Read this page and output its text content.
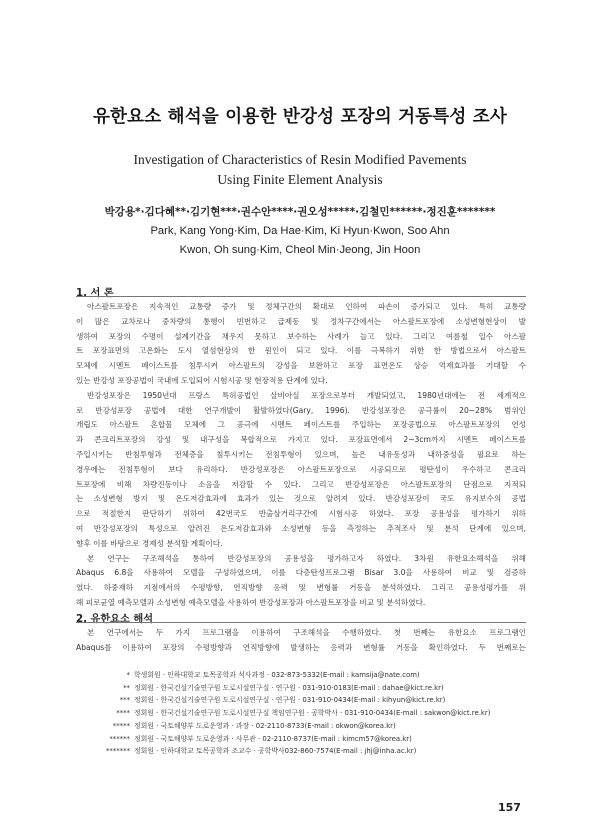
유한요소 해석을 이용한 반강성 포장의 거동특성 조사
Investigation of Characteristics of Resin Modified Pavements
Using Finite Element Analysis
박강용*·김다혜**·김기현***·권수안****·권오성*****·김철민******·정진훈*******
Park, Kang Yong·Kim, Da Hae·Kim, Ki Hyun·Kwon, Soo Ahn
Kwon, Oh sung·Kim, Cheol Min·Jeong, Jin Hoon
1. 서 론
아스팔트포장은 지속적인 교통량 증가 및 정체구간의 확대로 인하여 파손이 증가되고 있다. 특히 교통량
이 많은 교차로나 중차량의 통행이 빈번하고 급제동 및 정차구간에서는 아스팔트포장에 소성변형현상이 발
생하여 포장의 수명이 설계기간을 채우지 못하고 보수하는 사례가 늘고 있다. 그리고 여름철 일수 아스팔
트 포장표면의 고온화는 도시 열섬현상의 한 원인이 되고 있다. 이를 극복하기 위한 한 방법으로서 아스팔트
모체에 시멘트 페이스트를 침투시켜 아스팔트의 강성을 보완하고 포장 표면온도 상승 억제효과를 기대할 수
있는 반강성 포장공법이 국내에 도입되어 시험시공 및 현장적용 단계에 있다.
반강성포장은 1950년대 프랑스 특허공법인 살비아실 포장으로부터 개발되었고, 1980년대에는 전 세계적으
로 반강성포장 공법에 대한 연구개발이 활발하였다(Gary, 1996). 반강성포장은 공극률이 20~28% 범위인
개립도 아스팔트 혼합물 모체에 그 공극에 시멘트 페이스트를 주입하는 포장공법으로 아스팔트포장의 연성
과 콘크리트포장의 강성 및 내구성을 복합적으로 가지고 있다. 포장표면에서 2~3cm까지 시멘트 페이스트를
주입시키는 반침투형과 전체층을 침투시키는 전침투형이 있으며, 높은 내유동성과 내하중성을 필요로 하는
경우에는 전침투형이 보다 유리하다. 반강성포장은 아스팔트포장으로 시공되므로 평탄성이 우수하고 콘크리
트포장에 비해 차량진동이나 소음을 저감할 수 있다. 그리고 반강성포장은 아스팔트포장의 단점으로 지적되
는 소성변형 방지 및 온도저감효과에 효과가 있는 것으로 알려져 있다. 반강성포장이 국도 유지보수의 공법
으로 적절한지 판단하기 위하여 42번국도 반출삼거리구간에 시험시공 하였다. 포장 공용성을 평가하기 위하
여 반강성포장의 특성으로 알려진 온도저감효과와 소성변형 등을 측정하는 추적조사 및 분석 단계에 있으며,
향후 이를 바탕으로 경제성 분석할 계획이다.
본 연구는 구조해석을 통하여 반강성포장의 공용성을 평가하고자 하였다. 3차원 유한요소해석을 위해
Abaqus 6.8을 사용하여 모델을 구성하였으며, 이를 다층탄성프로그램 Bisar 3.0을 사용하여 비교 및 검증하
였다. 하중재하 지점에서의 수평방향, 연직방향 응력 및 변형률 거동을 분석하였다. 그리고 공용성평가를 위
해 피로균열 예측모델과 소성변형 예측모델을 사용하여 반강성포장과 아스팔트포장을 비교 및 분석하였다.
2. 유한요소 해석
본 연구에서는 두 가지 프로그램을 이용하여 구조해석을 수행하였다. 첫 번째는 유한요소 프로그램인
Abaqus를 이용하여 포장의 수평방향과 연직방향에 발생하는 응력과 변형률 거동을 확인하였다. 두 번째로는
* 학생회원 · 인하대학교 토목공학과 석사과정 · 032-873-5332(E-mail : kamsija@nate.com)
** 정회원 · 한국건설기술연구원 도로시설연구실 · 연구원 · 031-910-0183(E-mail : dahae@kict.re.kr)
*** 정회원 · 한국건설기술연구원 도로시설연구실 · 연구원 · 031-910-0434(E-mail : kihyun@kict.re.kr)
**** 정회원 · 한국건설기술연구원 도로시설연구실 책임연구원 · 공학박사 · 031-910-0434(E-mail : sakwon@kict.re.kr)
***** 정회원 · 국토해양부 도로운영과 · 과장 · 02-2110-8733(E-mail : okwon@korea.kr)
****** 정회원 · 국토해양부 도로운영과 · 사무관 · 02-2110-8737(E-mail : kimcm57@korea.kr)
******* 정회원 · 인하대학교 토목공학과 조교수 · 공학박사032-860-7574(E-mail : jhj@inha.ac.kr)
157
